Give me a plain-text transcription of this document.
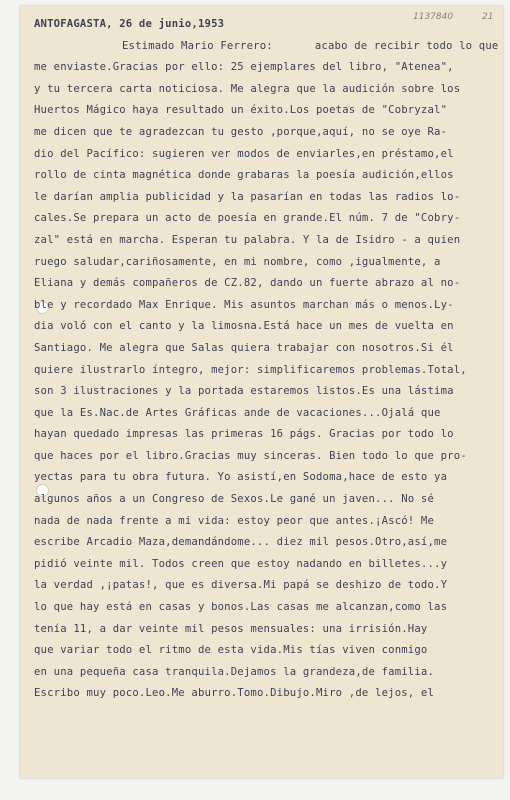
1137840	21
ANTOFAGASTA, 26 de junio,1953
Estimado Mario Ferrero:	acabo de recibir todo lo que
me enviaste.Gracias por ello: 25 ejemplares del libro, "Atenea",
y tu tercera carta noticiosa. Me alegra que la audición sobre los
Huertos Mágico haya resultado un éxito.Los poetas de "Cobryzal"
me dicen que te agradezcan tu gesto ,porque,aquí, no se oye Ra-
dio del Pacífico: sugieren ver modos de enviarles,en préstamo,el
rollo de cinta magnética donde grabaras la poesía audición,ellos
le darían amplia publicidad y la pasarían en todas las radios lo-
cales.Se prepara un acto de poesía en grande.El núm. 7 de "Cobry-
zal" está en marcha. Esperan tu palabra. Y la de Isidro - a quien
ruego saludar,cariñosamente, en mi nombre, como ,igualmente, a
Eliana y demás compañeros de CZ.82, dando un fuerte abrazo al no-
ble y recordado Max Enrique. Mis asuntos marchan más o menos.Ly-
dia voló con el canto y la limosna.Está hace un mes de vuelta en
Santiago. Me alegra que Salas quiera trabajar con nosotros.Si él
quiere ilustrarlo íntegro, mejor: simplificaremos problemas.Total,
son 3 ilustraciones y la portada estaremos listos.Es una lástima
que la Es.Nac.de Artes Gráficas ande de vacaciones...Ojalá que
hayan quedado impresas las primeras 16 págs. Gracias por todo lo
que haces por el libro.Gracias muy sinceras. Bien todo lo que pro-
yectas para tu obra futura. Yo asistí,en Sodoma,hace de esto ya
algunos años a un Congreso de Sexos.Le gané un javen... No sé
nada de nada frente a mi vida: estoy peor que antes.¡Ascó! Me
escribe Arcadio Maza,demandándome... diez mil pesos.Otro,así,me
pidió veinte mil. Todos creen que estoy nadando en billetes...y
la verdad ,¡patas!, que es diversa.Mi papá se deshizo de todo.Y
lo que hay está en casas y bonos.Las casas me alcanzan,como las
tenía 11, a dar veinte mil pesos mensuales: una irrisión.Hay
que variar todo el ritmo de esta vida.Mis tías viven conmigo
en una pequeña casa tranquila.Dejamos la grandeza,de familia.
Escribo muy poco.Leo.Me aburro.Tomo.Dibujo.Miro ,de lejos, el
